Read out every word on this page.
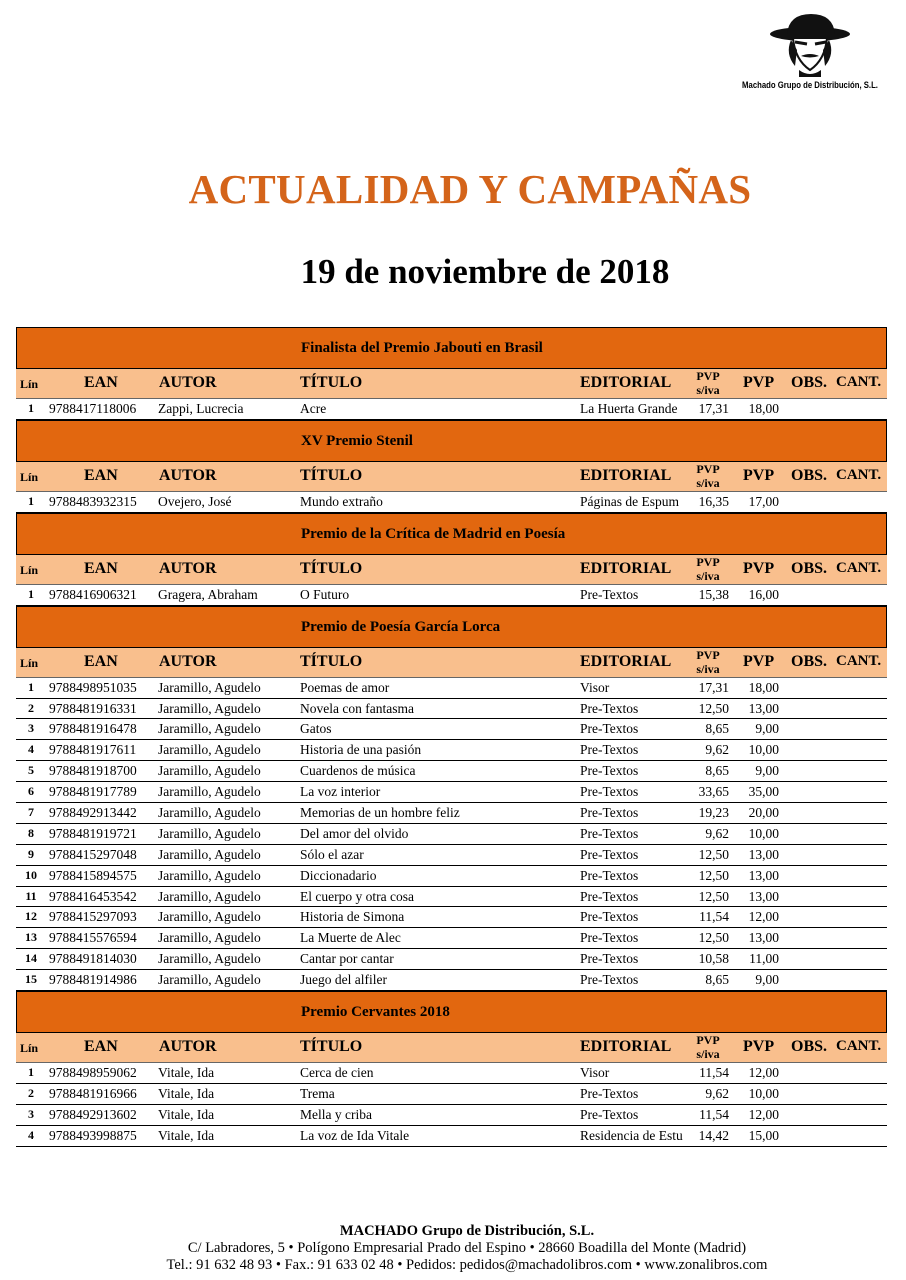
Machado Grupo de Distribución, S.L.
ACTUALIDAD Y CAMPAÑAS
19 de noviembre de 2018
Finalista del Premio Jabouti en Brasil
Lín	EAN	AUTOR	TÍTULO	EDITORIAL	PVP s/iva	PVP OBS. CANT.
1	9788417118006	Zappi, Lucrecia	Acre	La Huerta Grande	17,31	18,00
XV Premio Stenil
Lín	EAN	AUTOR	TÍTULO	EDITORIAL	PVP s/iva	PVP OBS. CANT.
1	9788483932315	Ovejero, José	Mundo extraño	Páginas de Espum	16,35	17,00
Premio de la Crítica de Madrid en Poesía
Lín	EAN	AUTOR	TÍTULO	EDITORIAL	PVP s/iva	PVP OBS. CANT.
1	9788416906321	Gragera, Abraham	O Futuro	Pre-Textos	15,38	16,00
Premio de Poesía García Lorca
Lín	EAN	AUTOR	TÍTULO	EDITORIAL	PVP s/iva	PVP OBS. CANT.
1	9788498951035	Jaramillo, Agudelo	Poemas de amor	Visor	17,31	18,00
2	9788481916331	Jaramillo, Agudelo	Novela con fantasma	Pre-Textos	12,50	13,00
3	9788481916478	Jaramillo, Agudelo	Gatos	Pre-Textos	8,65	9,00
4	9788481917611	Jaramillo, Agudelo	Historia de una pasión	Pre-Textos	9,62	10,00
5	9788481918700	Jaramillo, Agudelo	Cuardenos de música	Pre-Textos	8,65	9,00
6	9788481917789	Jaramillo, Agudelo	La voz interior	Pre-Textos	33,65	35,00
7	9788492913442	Jaramillo, Agudelo	Memorias de un hombre feliz	Pre-Textos	19,23	20,00
8	9788481919721	Jaramillo, Agudelo	Del amor del olvido	Pre-Textos	9,62	10,00
9	9788415297048	Jaramillo, Agudelo	Sólo el azar	Pre-Textos	12,50	13,00
10 9788415894575	Jaramillo, Agudelo	Diccionadario	Pre-Textos	12,50	13,00
11 9788416453542	Jaramillo, Agudelo	El cuerpo y otra cosa	Pre-Textos	12,50	13,00
12 9788415297093	Jaramillo, Agudelo	Historia de Simona	Pre-Textos	11,54	12,00
13 9788415576594	Jaramillo, Agudelo	La Muerte de Alec	Pre-Textos	12,50	13,00
14 9788491814030	Jaramillo, Agudelo	Cantar por cantar	Pre-Textos	10,58	11,00
15 9788481914986	Jaramillo, Agudelo	Juego del alfiler	Pre-Textos	8,65	9,00
Premio Cervantes 2018
Lín	EAN	AUTOR	TÍTULO	EDITORIAL	PVP s/iva	PVP OBS. CANT.
1	9788498959062	Vitale, Ida	Cerca de cien	Visor	11,54	12,00
2	9788481916966	Vitale, Ida	Trema	Pre-Textos	9,62	10,00
3	9788492913602	Vitale, Ida	Mella y criba	Pre-Textos	11,54	12,00
4	9788493998875	Vitale, Ida	La voz de Ida Vitale	Residencia de Estu	14,42	15,00
MACHADO Grupo de Distribución, S.L.
C/ Labradores, 5 • Polígono Empresarial Prado del Espino • 28660 Boadilla del Monte (Madrid)
Tel.: 91 632 48 93 • Fax.: 91 633 02 48 • Pedidos: pedidos@machadolibros.com • www.zonalibros.com
